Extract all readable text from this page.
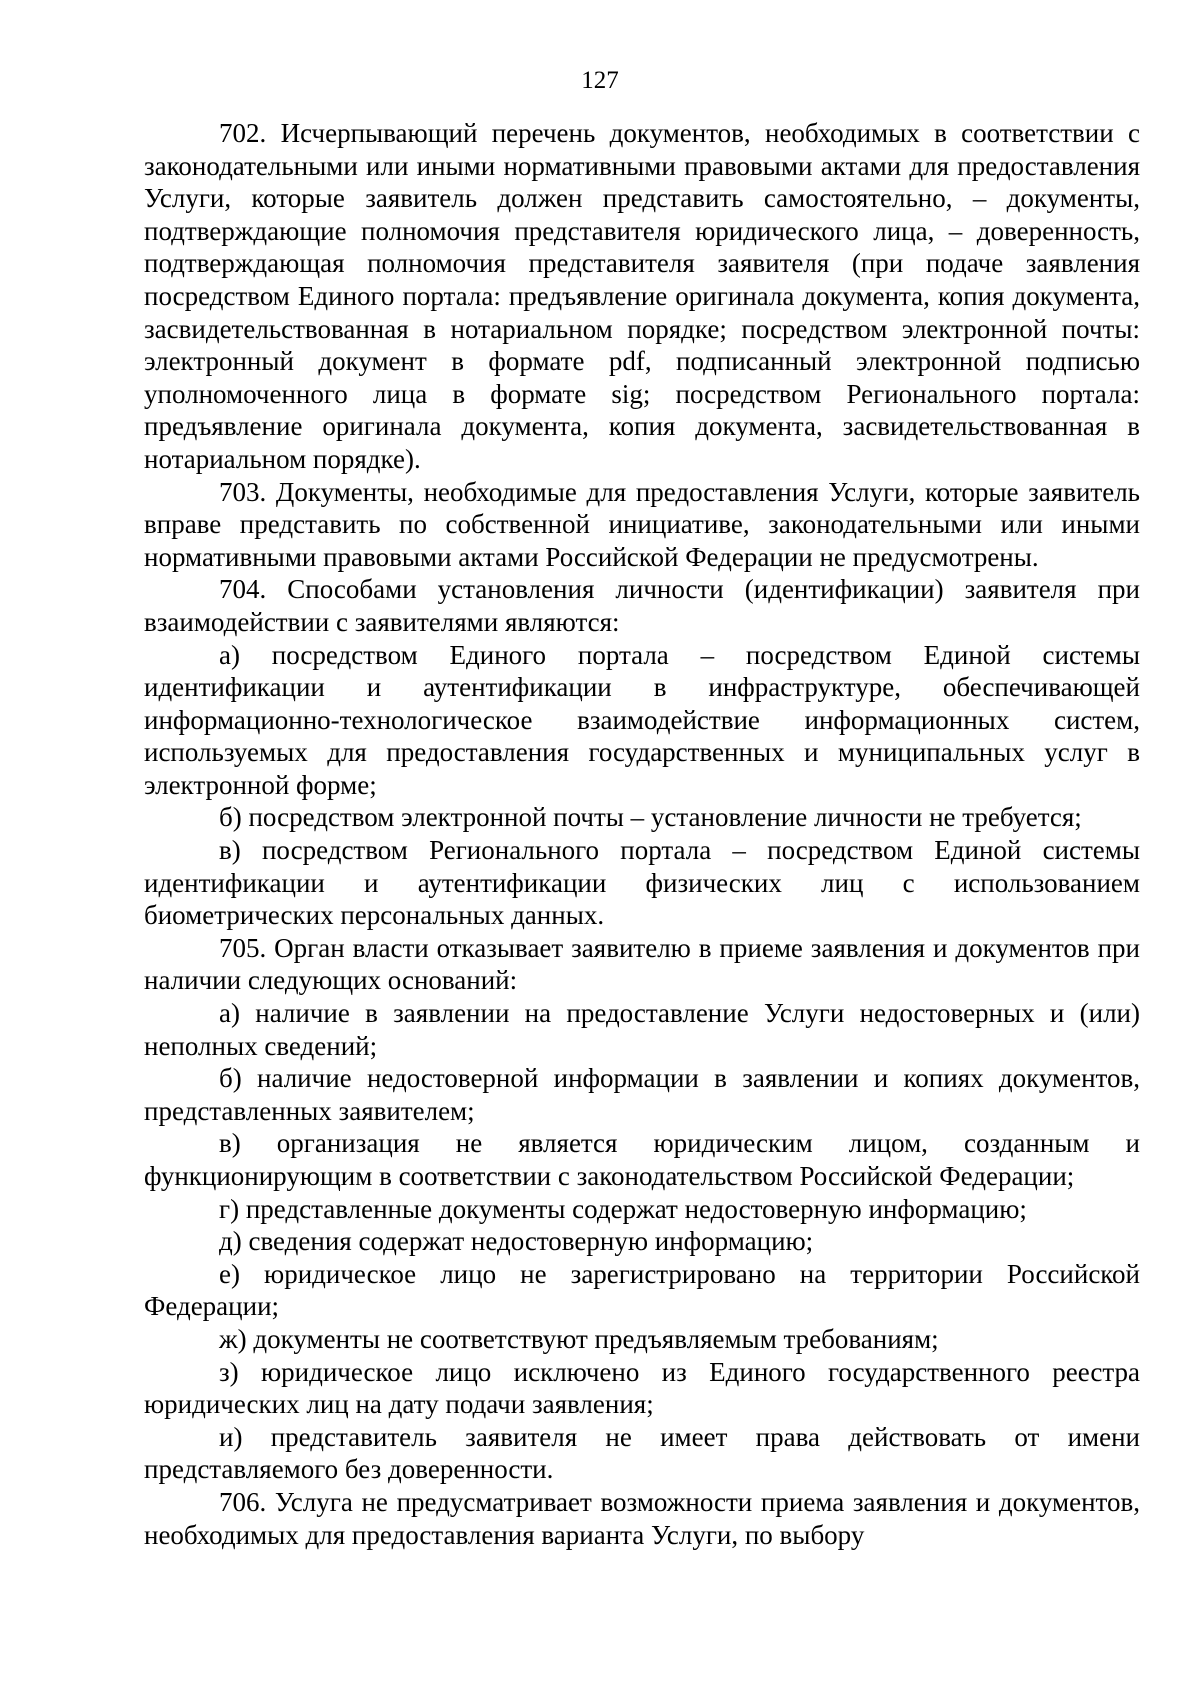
127

702. Исчерпывающий перечень документов, необходимых в соответствии с законодательными или иными нормативными правовыми актами для предоставления Услуги, которые заявитель должен представить самостоятельно, – документы, подтверждающие полномочия представителя юридического лица, – доверенность, подтверждающая полномочия представителя заявителя (при подаче заявления посредством Единого портала: предъявление оригинала документа, копия документа, засвидетельствованная в нотариальном порядке; посредством электронной почты: электронный документ в формате pdf, подписанный электронной подписью уполномоченного лица в формате sig; посредством Регионального портала: предъявление оригинала документа, копия документа, засвидетельствованная в нотариальном порядке).

703. Документы, необходимые для предоставления Услуги, которые заявитель вправе представить по собственной инициативе, законодательными или иными нормативными правовыми актами Российской Федерации не предусмотрены.

704. Способами установления личности (идентификации) заявителя при взаимодействии с заявителями являются:

а) посредством Единого портала – посредством Единой системы идентификации и аутентификации в инфраструктуре, обеспечивающей информационно-технологическое взаимодействие информационных систем, используемых для предоставления государственных и муниципальных услуг в электронной форме;

б) посредством электронной почты – установление личности не требуется;

в) посредством Регионального портала – посредством Единой системы идентификации и аутентификации физических лиц с использованием биометрических персональных данных.

705. Орган власти отказывает заявителю в приеме заявления и документов при наличии следующих оснований:

а) наличие в заявлении на предоставление Услуги недостоверных и (или) неполных сведений;

б) наличие недостоверной информации в заявлении и копиях документов, представленных заявителем;

в) организация не является юридическим лицом, созданным и функционирующим в соответствии с законодательством Российской Федерации;

г) представленные документы содержат недостоверную информацию;

д) сведения содержат недостоверную информацию;

е) юридическое лицо не зарегистрировано на территории Российской Федерации;

ж) документы не соответствуют предъявляемым требованиям;

з) юридическое лицо исключено из Единого государственного реестра юридических лиц на дату подачи заявления;

и) представитель заявителя не имеет права действовать от имени представляемого без доверенности.

706. Услуга не предусматривает возможности приема заявления и документов, необходимых для предоставления варианта Услуги, по выбору
